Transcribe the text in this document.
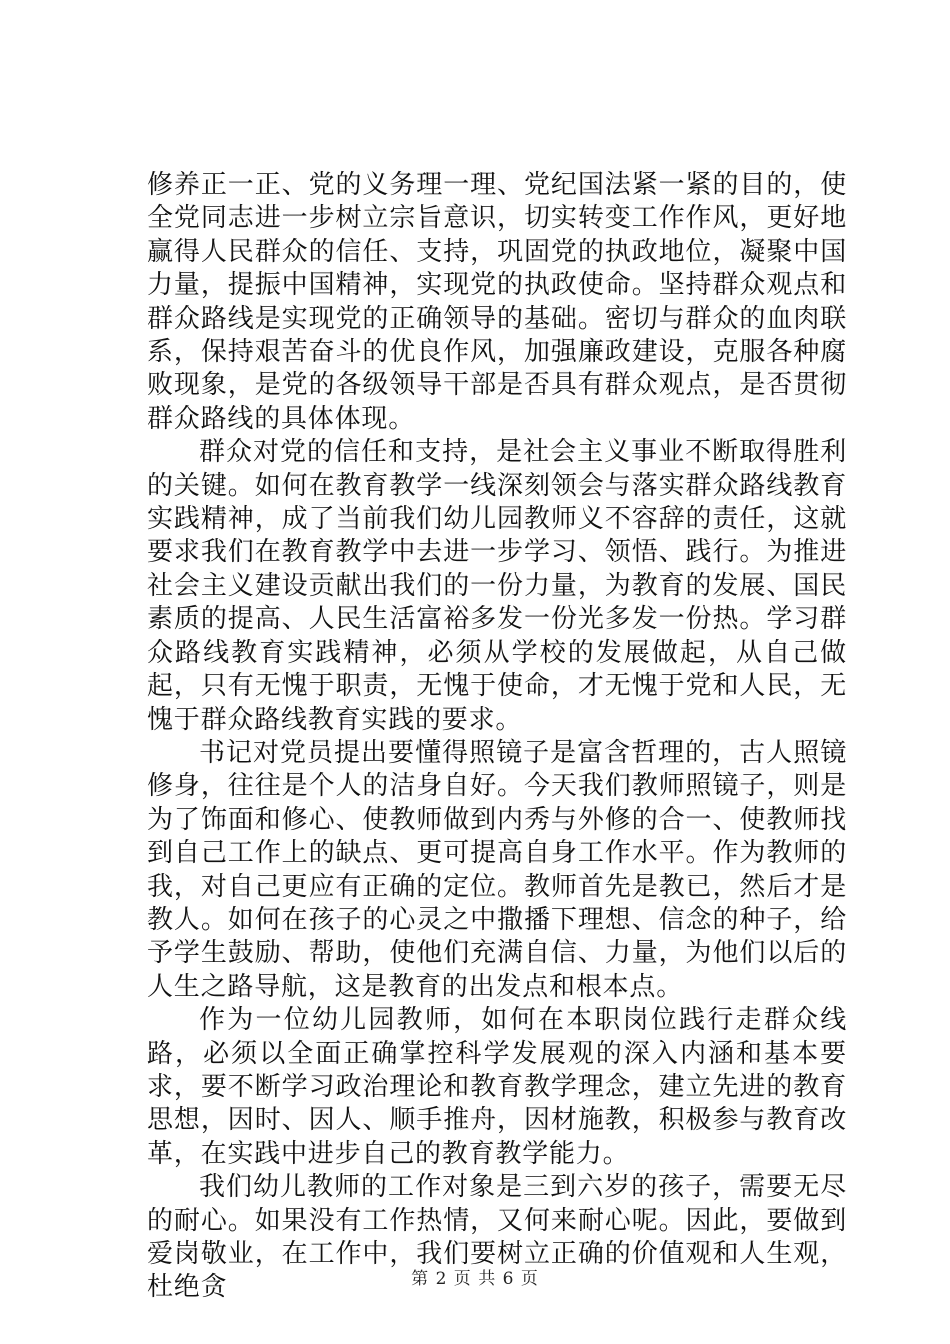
修养正一正、党的义务理一理、党纪国法紧一紧的目的，使全党同志进一步树立宗旨意识，切实转变工作作风，更好地赢得人民群众的信任、支持，巩固党的执政地位，凝聚中国力量，提振中国精神，实现党的执政使命。坚持群众观点和群众路线是实现党的正确领导的基础。密切与群众的血肉联系，保持艰苦奋斗的优良作风，加强廉政建设，克服各种腐败现象，是党的各级领导干部是否具有群众观点，是否贯彻群众路线的具体体现。

群众对党的信任和支持，是社会主义事业不断取得胜利的关键。如何在教育教学一线深刻领会与落实群众路线教育实践精神，成了当前我们幼儿园教师义不容辞的责任，这就要求我们在教育教学中去进一步学习、领悟、践行。为推进社会主义建设贡献出我们的一份力量，为教育的发展、国民素质的提高、人民生活富裕多发一份光多发一份热。学习群众路线教育实践精神，必须从学校的发展做起，从自己做起，只有无愧于职责，无愧于使命，才无愧于党和人民，无愧于群众路线教育实践的要求。

书记对党员提出要懂得照镜子是富含哲理的，古人照镜修身，往往是个人的洁身自好。今天我们教师照镜子，则是为了饰面和修心、使教师做到内秀与外修的合一、使教师找到自己工作上的缺点、更可提高自身工作水平。作为教师的我，对自己更应有正确的定位。教师首先是教已，然后才是教人。如何在孩子的心灵之中撒播下理想、信念的种子，给予学生鼓励、帮助，使他们充满自信、力量，为他们以后的人生之路导航，这是教育的出发点和根本点。

作为一位幼儿园教师，如何在本职岗位践行走群众线路，必须以全面正确掌控科学发展观的深入内涵和基本要求，要不断学习政治理论和教育教学理念，建立先进的教育思想，因时、因人、顺手推舟，因材施教，积极参与教育改革，在实践中进步自己的教育教学能力。

我们幼儿教师的工作对象是三到六岁的孩子，需要无尽的耐心。如果没有工作热情，又何来耐心呢。因此，要做到爱岗敬业，在工作中，我们要树立正确的价值观和人生观，杜绝贪	第 2 页 共 6 页
